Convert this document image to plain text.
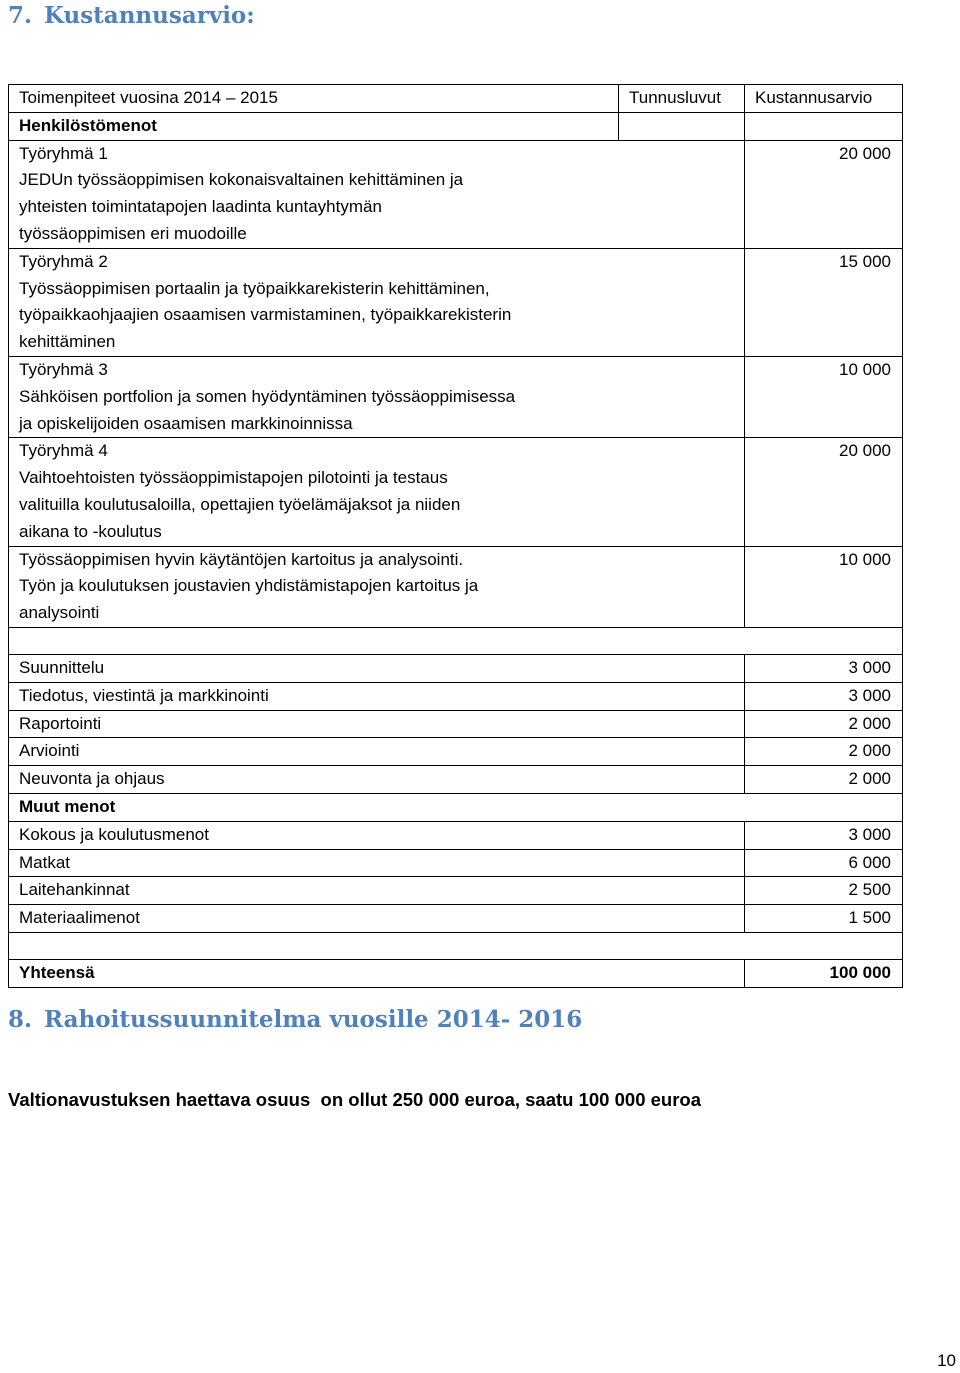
7. Kustannusarvio:
Toimenpiteet vuosina 2014 – 2015	Tunnusluvut	Kustannusarvio
Henkilöstömenot		

Työryhmä 1
JEDUn työssäoppimisen kokonaisvaltainen kehittäminen ja
yhteisten toimintatapojen laadinta kuntayhtymän
työssäoppimisen eri muodoille		20 000

Työryhmä 2
Työssäoppimisen portaalin ja työpaikkarekisterin kehittäminen,
työpaikkaohjaajien osaamisen varmistaminen, työpaikkarekisterin
kehittäminen		15 000

Työryhmä 3
Sähköisen portfolion ja somen hyödyntäminen työssäoppimisessa
ja opiskelijoiden osaamisen markkinoinnissa		10 000

Työryhmä 4
Vaihtoehtoisten työssäoppimistapojen pilotointi ja testaus
valituilla koulutusaloilla, opettajien työelämäjaksot ja niiden
aikana to -koulutus		20 000

Työssäoppimisen hyvin käytäntöjen kartoitus ja analysointi.
Työn ja koulutuksen joustavien yhdistämistapojen kartoitus ja
analysointi		10 000

Suunnittelu		3 000
Tiedotus, viestintä ja markkinointi		3 000
Raportointi		2 000
Arviointi		2 000
Neuvonta ja ohjaus		2 000
Muut menot		
Kokous ja koulutusmenot		3 000
Matkat		6 000
Laitehankinnat		2 500
Materiaalimenot		1 500

Yhteensä		100 000
8. Rahoitussuunnitelma vuosille 2014- 2016

Valtionavustuksen haettava osuus  on ollut 250 000 euroa, saatu 100 000 euroa

10
